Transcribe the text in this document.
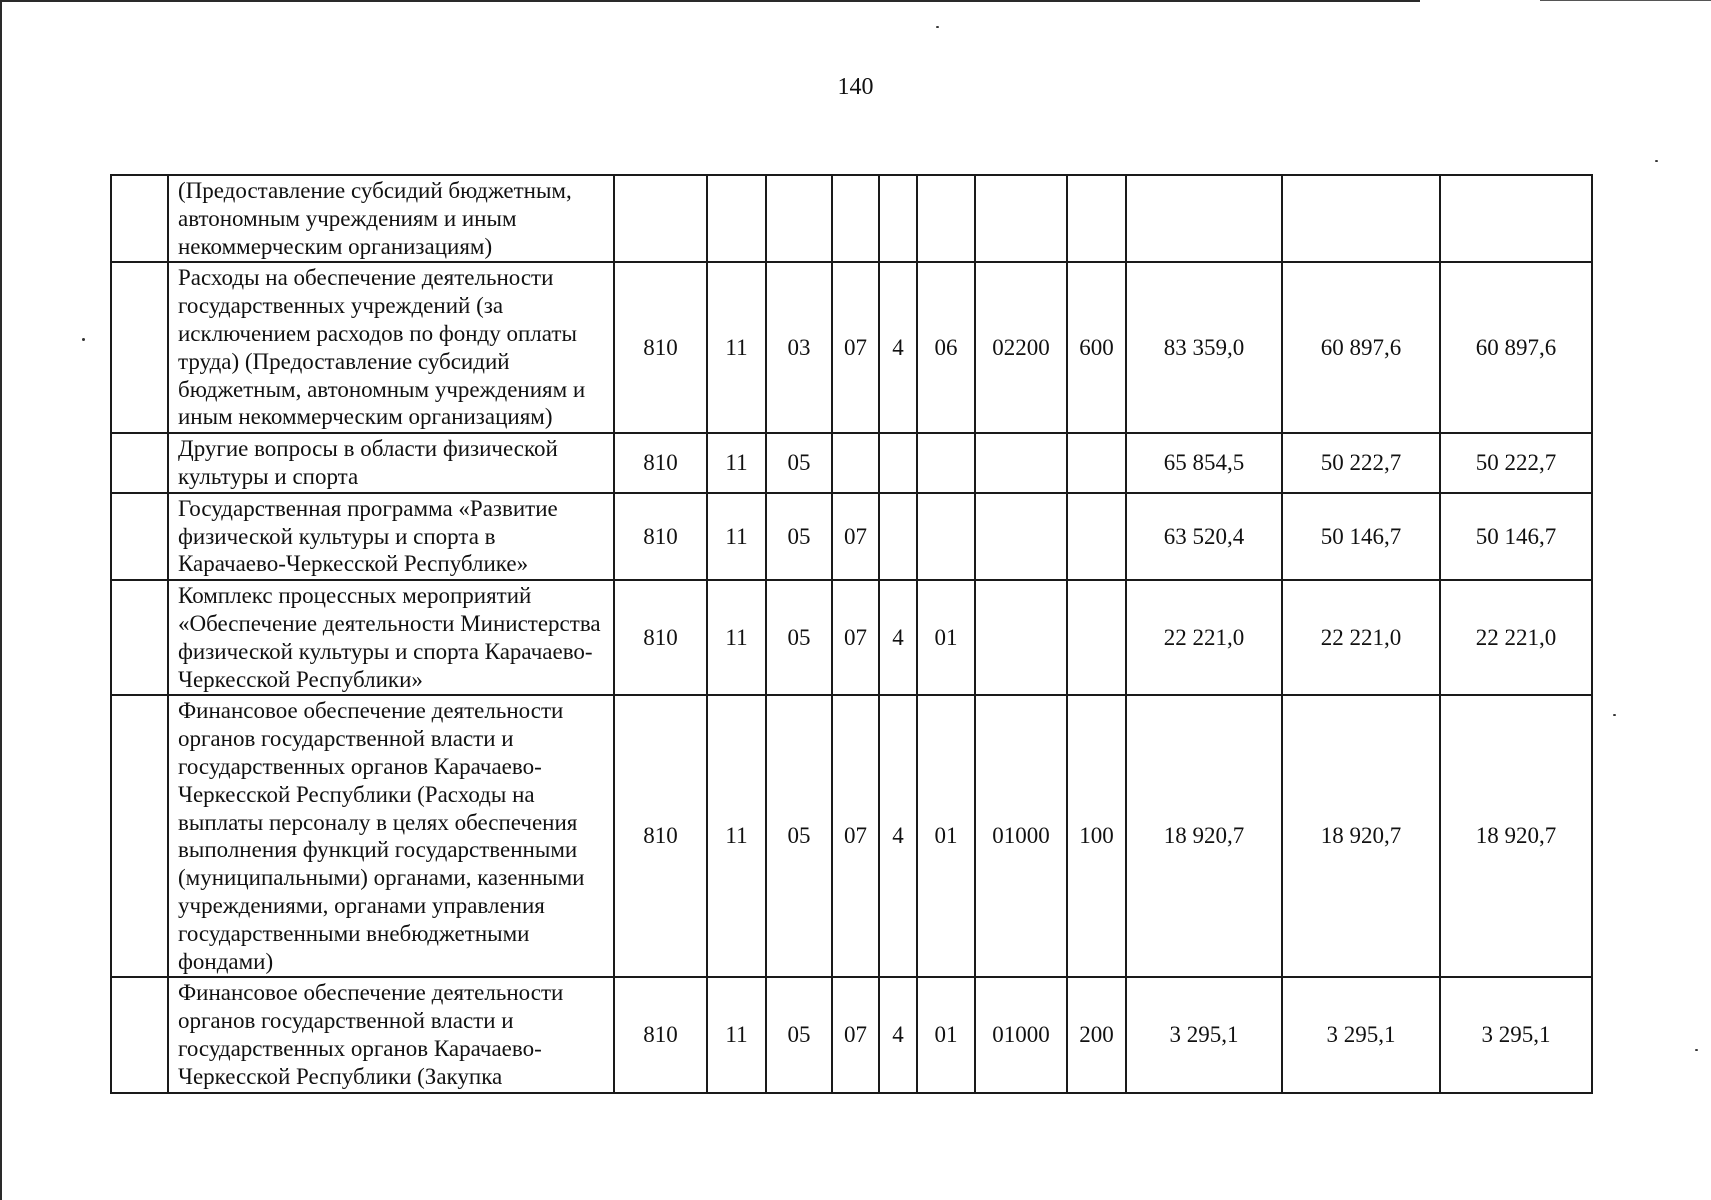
140
	(Предоставление субсидий бюджетным, автономным учреждениям и иным некоммерческим организациям)											
	Расходы на обеспечение деятельности государственных учреждений (за исключением расходов по фонду оплаты труда) (Предоставление субсидий бюджетным, автономным учреждениям и иным некоммерческим организациям)	810	11	03	07	4	06	02200	600	83 359,0	60 897,6	60 897,6
	Другие вопросы в области физической культуры и спорта	810	11	05						65 854,5	50 222,7	50 222,7
	Государственная программа «Развитие физической культуры и спорта в Карачаево-Черкесской Республике»	810	11	05	07					63 520,4	50 146,7	50 146,7
	Комплекс процессных мероприятий «Обеспечение деятельности Министерства физической культуры и спорта Карачаево-Черкесской Республики»	810	11	05	07	4	01			22 221,0	22 221,0	22 221,0
	Финансовое обеспечение деятельности органов государственной власти и государственных органов Карачаево-Черкесской Республики (Расходы на выплаты персоналу в целях обеспечения выполнения функций государственными (муниципальными) органами, казенными учреждениями, органами управления государственными внебюджетными фондами)	810	11	05	07	4	01	01000	100	18 920,7	18 920,7	18 920,7
	Финансовое обеспечение деятельности органов государственной власти и государственных органов Карачаево-Черкесской Республики (Закупка	810	11	05	07	4	01	01000	200	3 295,1	3 295,1	3 295,1
